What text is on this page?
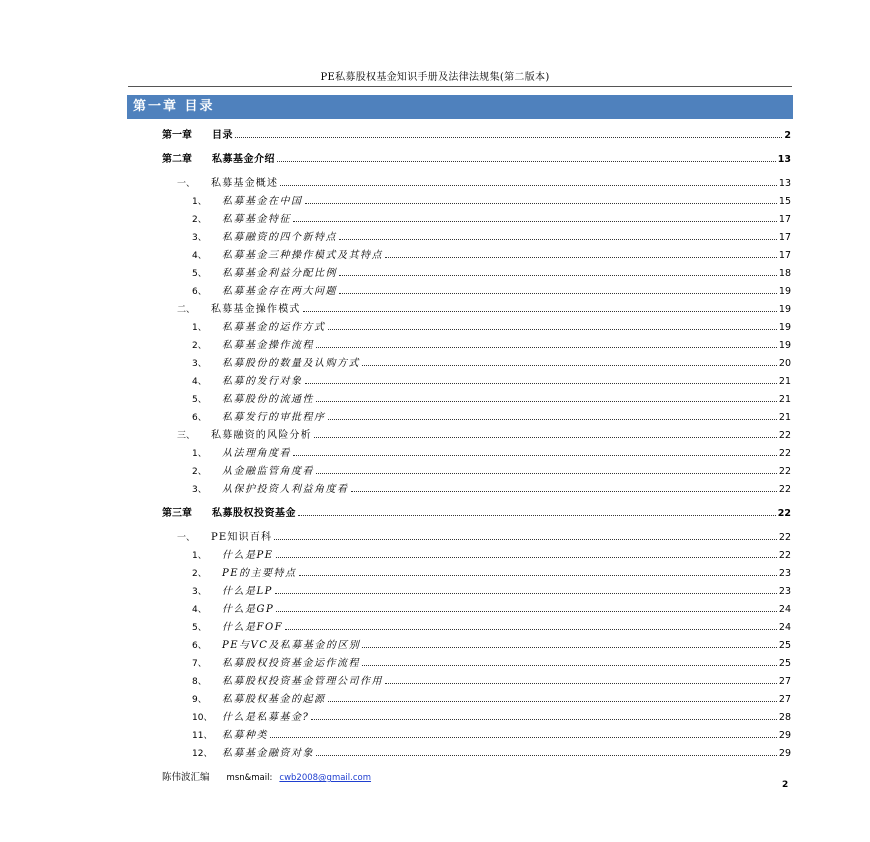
PE私募股权基金知识手册及法律法规集(第二版本)
第一章 目录
第一章	目录	2
第二章	私募基金介绍	13
一、	私募基金概述	13
1、	私募基金在中国	15
2、	私募基金特征	17
3、	私募融资的四个新特点	17
4、	私募基金三种操作模式及其特点	17
5、	私募基金利益分配比例	18
6、	私募基金存在两大问题	19
二、	私募基金操作模式	19
1、	私募基金的运作方式	19
2、	私募基金操作流程	19
3、	私募股份的数量及认购方式	20
4、	私募的发行对象	21
5、	私募股份的流通性	21
6、	私募发行的审批程序	21
三、	私募融资的风险分析	22
1、	从法理角度看	22
2、	从金融监管角度看	22
3、	从保护投资人利益角度看	22
第三章	私募股权投资基金	22
一、	PE知识百科	22
1、	什么是PE	22
2、	PE的主要特点	23
3、	什么是LP	23
4、	什么是GP	24
5、	什么是FOF	24
6、	PE与VC及私募基金的区别	25
7、	私募股权投资基金运作流程	25
8、	私募股权投资基金管理公司作用	27
9、	私募股权基金的起源	27
10、 什么是私募基金?	28
11、 私募种类	29
12、 私募基金融资对象	29
陈伟波汇编 msn&mail: cwb2008@gmail.com
2
